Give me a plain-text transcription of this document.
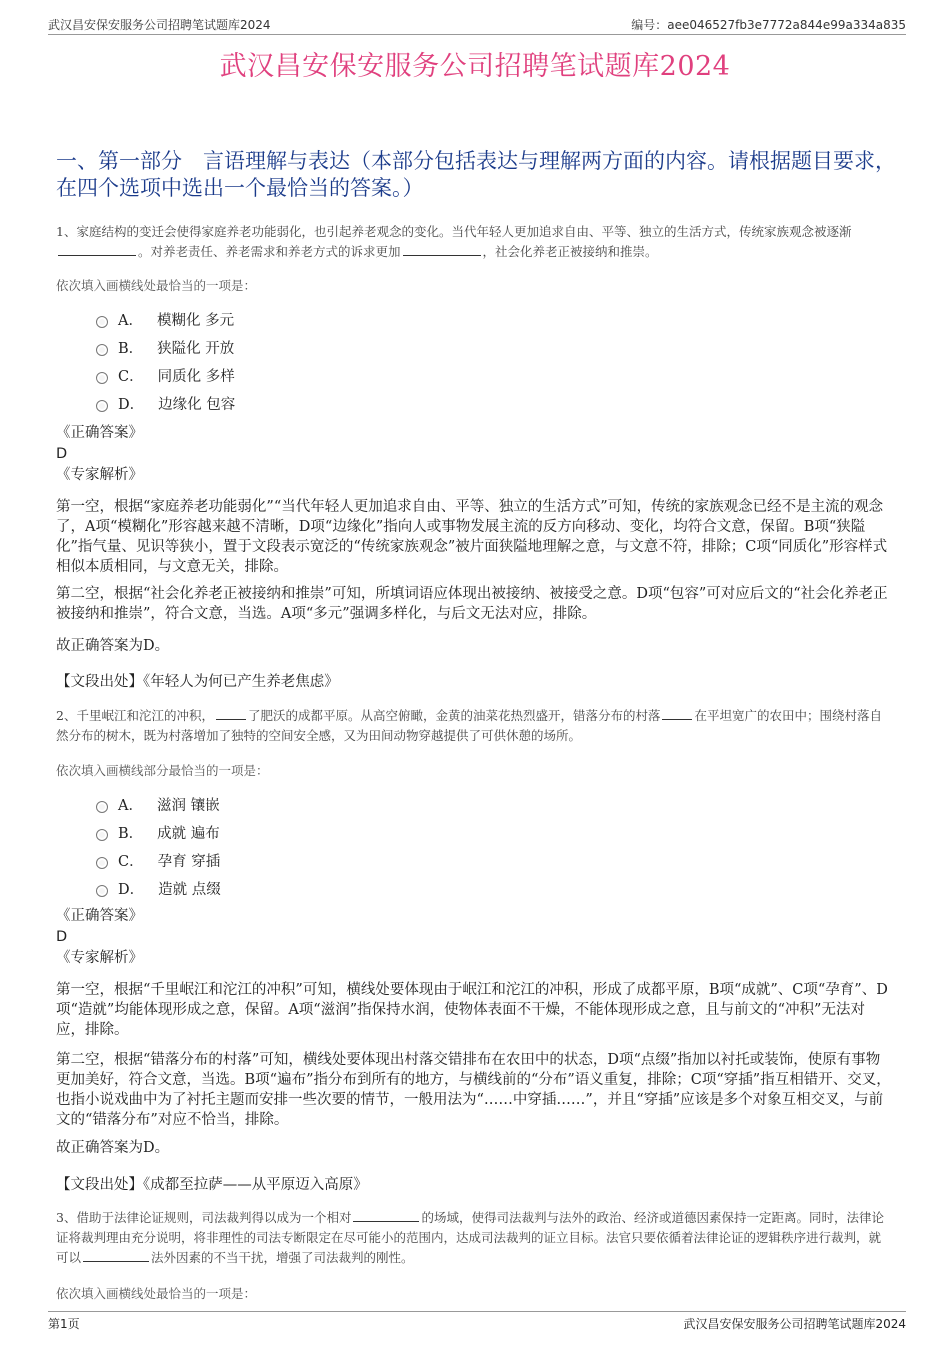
武汉昌安保安服务公司招聘笔试题库2024	编号：aee046527fb3e7772a844e99a334a835
武汉昌安保安服务公司招聘笔试题库2024
一、第一部分　言语理解与表达（本部分包括表达与理解两方面的内容。请根据题目要求，在四个选项中选出一个最恰当的答案。）
1、家庭结构的变迁会使得家庭养老功能弱化，也引起养老观念的变化。当代年轻人更加追求自由、平等、独立的生活方式，传统家族观念被逐渐。对养老责任、养老需求和养老方式的诉求更加	，社会化养老正被接纳和推崇。
依次填入画横线处最恰当的一项是：
A． 模糊化 多元
B． 狭隘化 开放
C． 同质化 多样
D． 边缘化 包容
《正确答案》
D
《专家解析》
第一空，根据“家庭养老功能弱化”“当代年轻人更加追求自由、平等、独立的生活方式”可知，传统的家族观念已经不是主流的观念了，A项“模糊化”形容越来越不清晰，D项“边缘化”指向人或事物发展主流的反方向移动、变化，均符合文意，保留。B项“狭隘化”指气量、见识等狭小，置于文段表示宽泛的“传统家族观念”被片面狭隘地理解之意，与文意不符，排除；C项“同质化”形容样式相似本质相同，与文意无关，排除。
第二空，根据“社会化养老正被接纳和推崇”可知，所填词语应体现出被接纳、被接受之意。D项“包容”可对应后文的“社会化养老正被接纳和推崇”，符合文意，当选。A项“多元”强调多样化，与后文无法对应，排除。
故正确答案为D。
【文段出处】《年轻人为何已产生养老焦虑》
2、千里岷江和沱江的冲积，	了肥沃的成都平原。从高空俯瞰，金黄的油菜花热烈盛开，错落分布的村落	在平坦宽广的农田中；围绕村落自然分布的树木，既为村落增加了独特的空间安全感，又为田间动物穿越提供了可供休憩的场所。
依次填入画横线部分最恰当的一项是：
A． 滋润 镶嵌
B． 成就 遍布
C． 孕育 穿插
D． 造就 点缀
《正确答案》
D
《专家解析》
第一空，根据“千里岷江和沱江的冲积”可知，横线处要体现由于岷江和沱江的冲积，形成了成都平原，B项“成就”、C项“孕育”、D项“造就”均能体现形成之意，保留。A项“滋润”指保持水润，使物体表面不干燥，不能体现形成之意，且与前文的“冲积”无法对应，排除。
第二空，根据“错落分布的村落”可知，横线处要体现出村落交错排布在农田中的状态，D项“点缀”指加以衬托或装饰，使原有事物更加美好，符合文意，当选。B项“遍布”指分布到所有的地方，与横线前的“分布”语义重复，排除；C项“穿插”指互相错开、交叉，也指小说戏曲中为了衬托主题而安排一些次要的情节，一般用法为“……中穿插……”，并且“穿插”应该是多个对象互相交叉，与前文的“错落分布”对应不恰当，排除。
故正确答案为D。
【文段出处】《成都至拉萨——从平原迈入高原》
3、借助于法律论证规则，司法裁判得以成为一个相对	的场域，使得司法裁判与法外的政治、经济或道德因素保持一定距离。同时，法律论证将裁判理由充分说明，将非理性的司法专断限定在尽可能小的范围内，达成司法裁判的证立目标。法官只要依循着法律论证的逻辑秩序进行裁判，就可以	法外因素的不当干扰，增强了司法裁判的刚性。
依次填入画横线处最恰当的一项是：
第1页	武汉昌安保安服务公司招聘笔试题库2024
